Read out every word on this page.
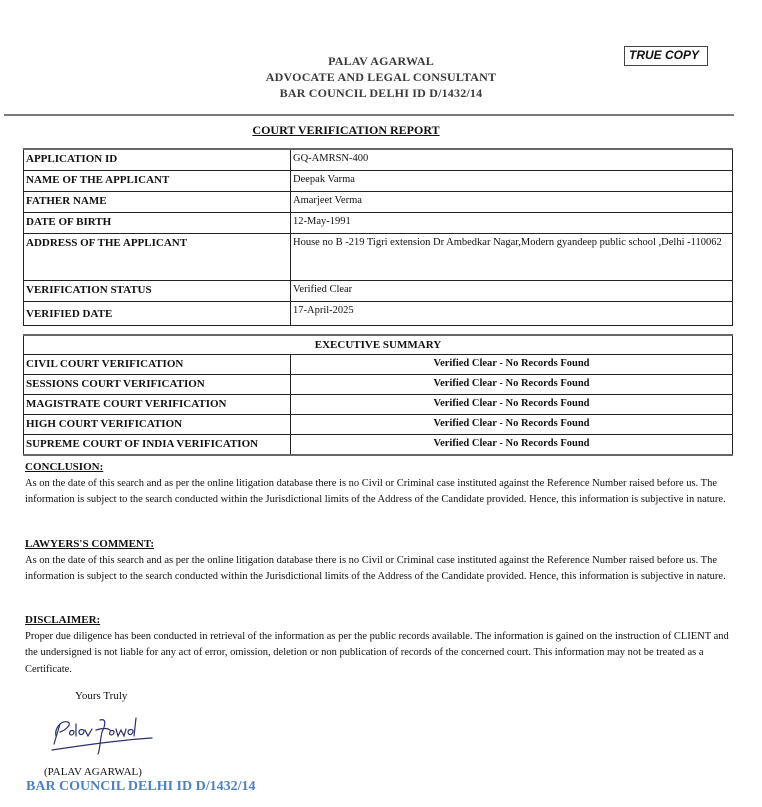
PALAV AGARWAL
ADVOCATE AND LEGAL CONSULTANT
BAR COUNCIL DELHI ID D/1432/14
TRUE COPY
COURT VERIFICATION REPORT
APPLICATION ID	GQ-AMRSN-400
NAME OF THE APPLICANT	Deepak Varma
FATHER NAME	Amarjeet Verma
DATE OF BIRTH	12-May-1991
ADDRESS OF THE APPLICANT	House no B -219 Tigri extension Dr Ambedkar Nagar,Modern gyandeep public school ,Delhi -110062
VERIFICATION STATUS	Verified Clear
VERIFIED DATE	17-April-2025
EXECUTIVE SUMMARY	
CIVIL COURT VERIFICATION	Verified Clear - No Records Found
SESSIONS COURT VERIFICATION	Verified Clear - No Records Found
MAGISTRATE COURT VERIFICATION	Verified Clear - No Records Found
HIGH COURT VERIFICATION	Verified Clear - No Records Found
SUPREME COURT OF INDIA VERIFICATION	Verified Clear - No Records Found
CONCLUSION:
As on the date of this search and as per the online litigation database there is no Civil or Criminal case instituted against the Reference Number raised before us. The information is subject to the search conducted within the Jurisdictional limits of the Address of the Candidate provided. Hence, this information is subjective in nature.
LAWYERS'S COMMENT:
As on the date of this search and as per the online litigation database there is no Civil or Criminal case instituted against the Reference Number raised before us. The information is subject to the search conducted within the Jurisdictional limits of the Address of the Candidate provided. Hence, this information is subjective in nature.
DISCLAIMER:
Proper due diligence has been conducted in retrieval of the information as per the public records available. The information is gained on the instruction of CLIENT and the undersigned is not liable for any act of error, omission, deletion or non publication of records of the concerned court. This information may not be treated as a Certificate.
Yours Truly
(PALAV AGARWAL)
BAR COUNCIL DELHI ID D/1432/14
